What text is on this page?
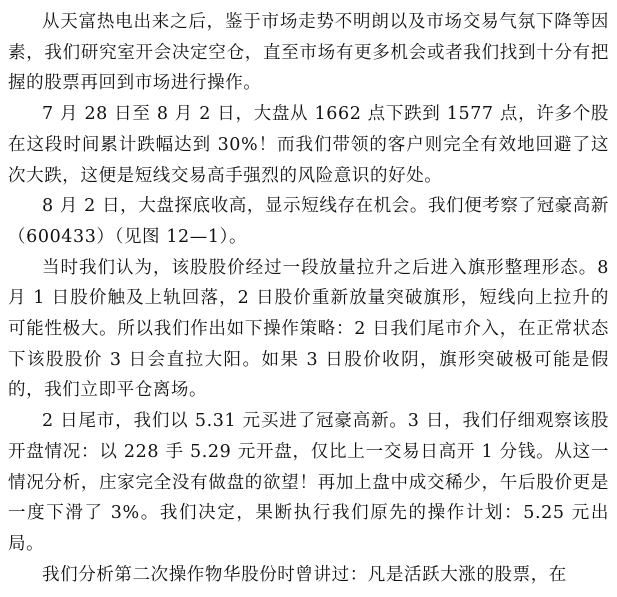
从天富热电出来之后，鉴于市场走势不明朗以及市场交易气氛下降等因素，我们研究室开会决定空仓，直至市场有更多机会或者我们找到十分有把握的股票再回到市场进行操作。

7 月 28 日至 8 月 2 日，大盘从 1662 点下跌到 1577 点，许多个股在这段时间累计跌幅达到 30%！而我们带领的客户则完全有效地回避了这次大跌，这便是短线交易高手强烈的风险意识的好处。

8 月 2 日，大盘探底收高，显示短线存在机会。我们便考察了冠豪高新（600433）（见图 12—1）。

当时我们认为，该股股价经过一段放量拉升之后进入旗形整理形态。8 月 1 日股价触及上轨回落，2 日股价重新放量突破旗形，短线向上拉升的可能性极大。所以我们作出如下操作策略：2 日我们尾市介入，在正常状态下该股股价 3 日会直拉大阳。如果 3 日股价收阴，旗形突破极可能是假的，我们立即平仓离场。

2 日尾市，我们以 5.31 元买进了冠豪高新。3 日，我们仔细观察该股开盘情况：以 228 手 5.29 元开盘，仅比上一交易日高开 1 分钱。从这一情况分析，庄家完全没有做盘的欲望！再加上盘中成交稀少，午后股价更是一度下滑了 3%。我们决定，果断执行我们原先的操作计划：5.25 元出局。

我们分析第二次操作物华股份时曾讲过：凡是活跃大涨的股票，在
